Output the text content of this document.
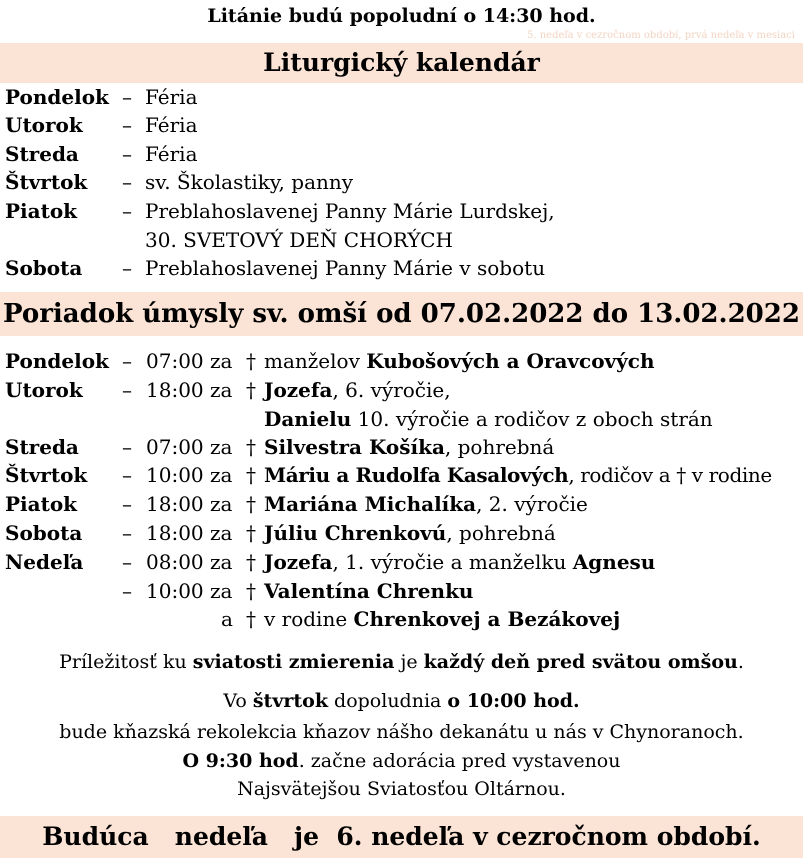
Litánie budú popoludní o 14:30 hod.
5. nedeľa v cezročnom období, prvá nedeľa v mesiaci
Liturgický kalendár
Pondelok – Féria
Utorok – Féria
Streda – Féria
Štvrtok – sv. Školastiky, panny
Piatok – Preblahoslavenej Panny Márie Lurdskej,
30. SVETOVÝ DEŇ CHORÝCH
Sobota – Preblahoslavenej Panny Márie v sobotu
Poriadok úmysly sv. omší od 07.02.2022 do 13.02.2022
Pondelok – 07:00 za † manželov Kubošových a Oravcových
Utorok – 18:00 za † Jozefa, 6. výročie,
Danielu 10. výročie a rodičov z oboch strán
Streda – 07:00 za † Silvestra Košíka, pohrebná
Štvrtok – 10:00 za † Máriu a Rudolfa Kasalových, rodičov a † v rodine
Piatok – 18:00 za † Mariána Michalíka, 2. výročie
Sobota – 18:00 za † Júliu Chrenkovú, pohrebná
Nedeľa – 08:00 za † Jozefa, 1. výročie a manželku Agnesu
– 10:00 za † Valentína Chrenku
a † v rodine Chrenkovej a Bezákovej
Príležitosť ku sviatosti zmierenia je každý deň pred svätou omšou.
Vo štvrtok dopoludnia o 10:00 hod.
bude kňazská rekolekcia kňazov nášho dekanátu u nás v Chynoranoch.
O 9:30 hod. začne adorácia pred vystavenou
Najsvätejšou Sviatosťou Oltárnou.
Budúca   nedeľa   je  6. nedeľa v cezročnom období.
